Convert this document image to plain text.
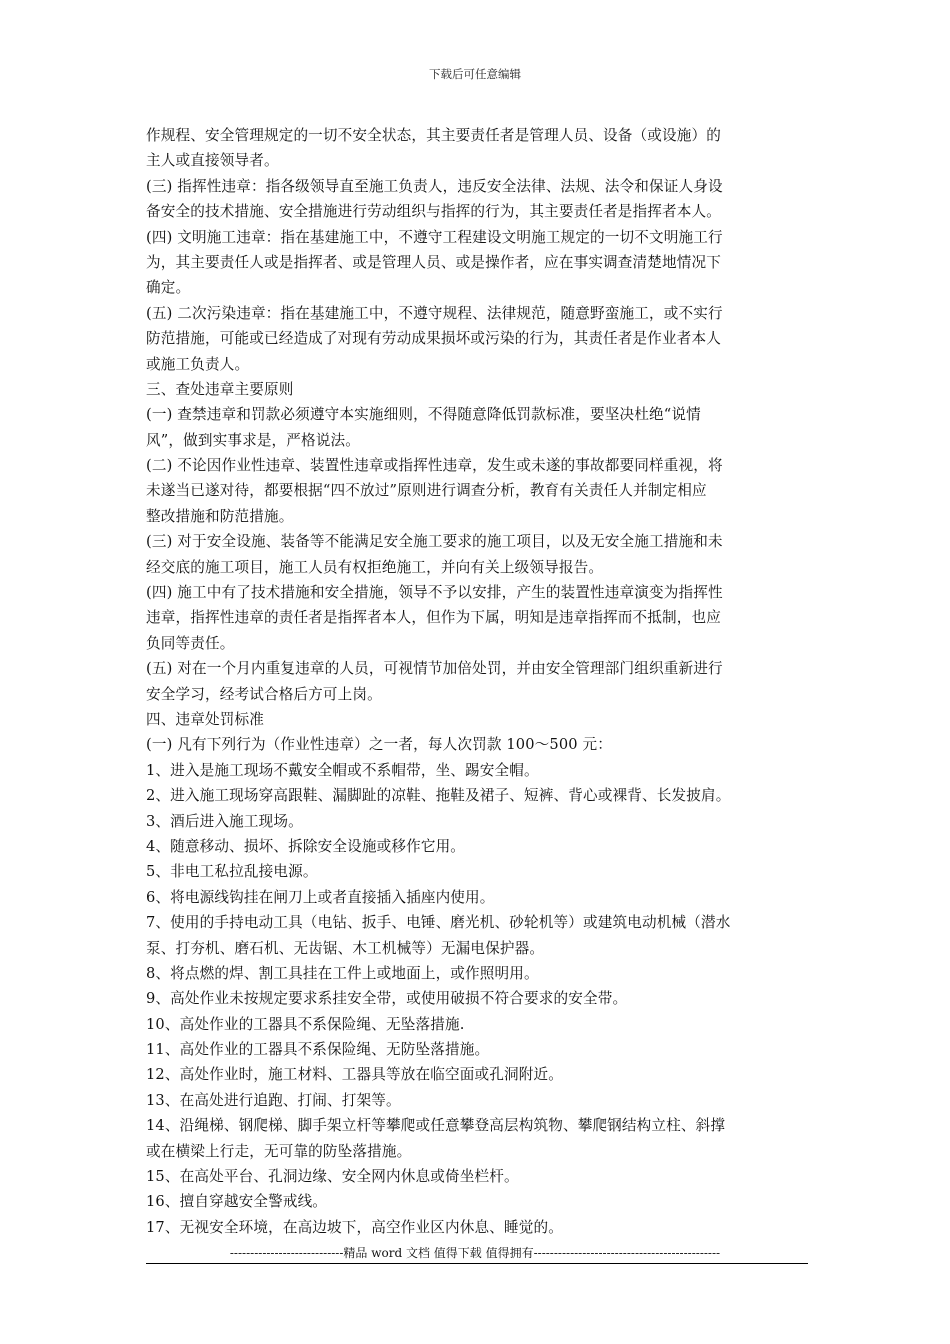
下载后可任意编辑
作规程、安全管理规定的一切不安全状态，其主要责任者是管理人员、设备（或设施）的
主人或直接领导者。
(三) 指挥性违章：指各级领导直至施工负责人，违反安全法律、法规、法令和保证人身设
备安全的技术措施、安全措施进行劳动组织与指挥的行为，其主要责任者是指挥者本人。
(四) 文明施工违章：指在基建施工中，不遵守工程建设文明施工规定的一切不文明施工行
为，其主要责任人或是指挥者、或是管理人员、或是操作者，应在事实调查清楚地情况下
确定。
(五) 二次污染违章：指在基建施工中，不遵守规程、法律规范，随意野蛮施工，或不实行
防范措施，可能或已经造成了对现有劳动成果损坏或污染的行为，其责任者是作业者本人
或施工负责人。
三、查处违章主要原则
(一) 查禁违章和罚款必须遵守本实施细则，不得随意降低罚款标准，要坚决杜绝“说情
风”，做到实事求是，严格说法。
(二) 不论因作业性违章、装置性违章或指挥性违章，发生或未遂的事故都要同样重视，将
未遂当已遂对待，都要根据“四不放过”原则进行调查分析，教育有关责任人并制定相应
整改措施和防范措施。
(三) 对于安全设施、装备等不能满足安全施工要求的施工项目，以及无安全施工措施和未
经交底的施工项目，施工人员有权拒绝施工，并向有关上级领导报告。
(四) 施工中有了技术措施和安全措施，领导不予以安排，产生的装置性违章演变为指挥性
违章，指挥性违章的责任者是指挥者本人，但作为下属，明知是违章指挥而不抵制，也应
负同等责任。
(五) 对在一个月内重复违章的人员，可视情节加倍处罚，并由安全管理部门组织重新进行
安全学习，经考试合格后方可上岗。
四、违章处罚标准
(一) 凡有下列行为（作业性违章）之一者，每人次罚款 100～500 元：
1、进入是施工现场不戴安全帽或不系帽带，坐、踢安全帽。
2、进入施工现场穿高跟鞋、漏脚趾的凉鞋、拖鞋及裙子、短裤、背心或裸背、长发披肩。
3、酒后进入施工现场。
4、随意移动、损坏、拆除安全设施或移作它用。
5、非电工私拉乱接电源。
6、将电源线钩挂在闸刀上或者直接插入插座内使用。
7、使用的手持电动工具（电钻、扳手、电锤、磨光机、砂轮机等）或建筑电动机械（潜水
泵、打夯机、磨石机、无齿锯、木工机械等）无漏电保护器。
8、将点燃的焊、割工具挂在工件上或地面上，或作照明用。
9、高处作业未按规定要求系挂安全带，或使用破损不符合要求的安全带。
10、高处作业的工器具不系保险绳、无坠落措施.
11、高处作业的工器具不系保险绳、无防坠落措施。
12、高处作业时，施工材料、工器具等放在临空面或孔洞附近。
13、在高处进行追跑、打闹、打架等。
14、沿绳梯、钢爬梯、脚手架立杆等攀爬或任意攀登高层构筑物、攀爬钢结构立柱、斜撑
或在横梁上行走，无可靠的防坠落措施。
15、在高处平台、孔洞边缘、安全网内休息或倚坐栏杆。
16、擅自穿越安全警戒线。
17、无视安全环境，在高边坡下，高空作业区内休息、睡觉的。
----------------------------精品 word 文档 值得下载 值得拥有----------------------------------------------
